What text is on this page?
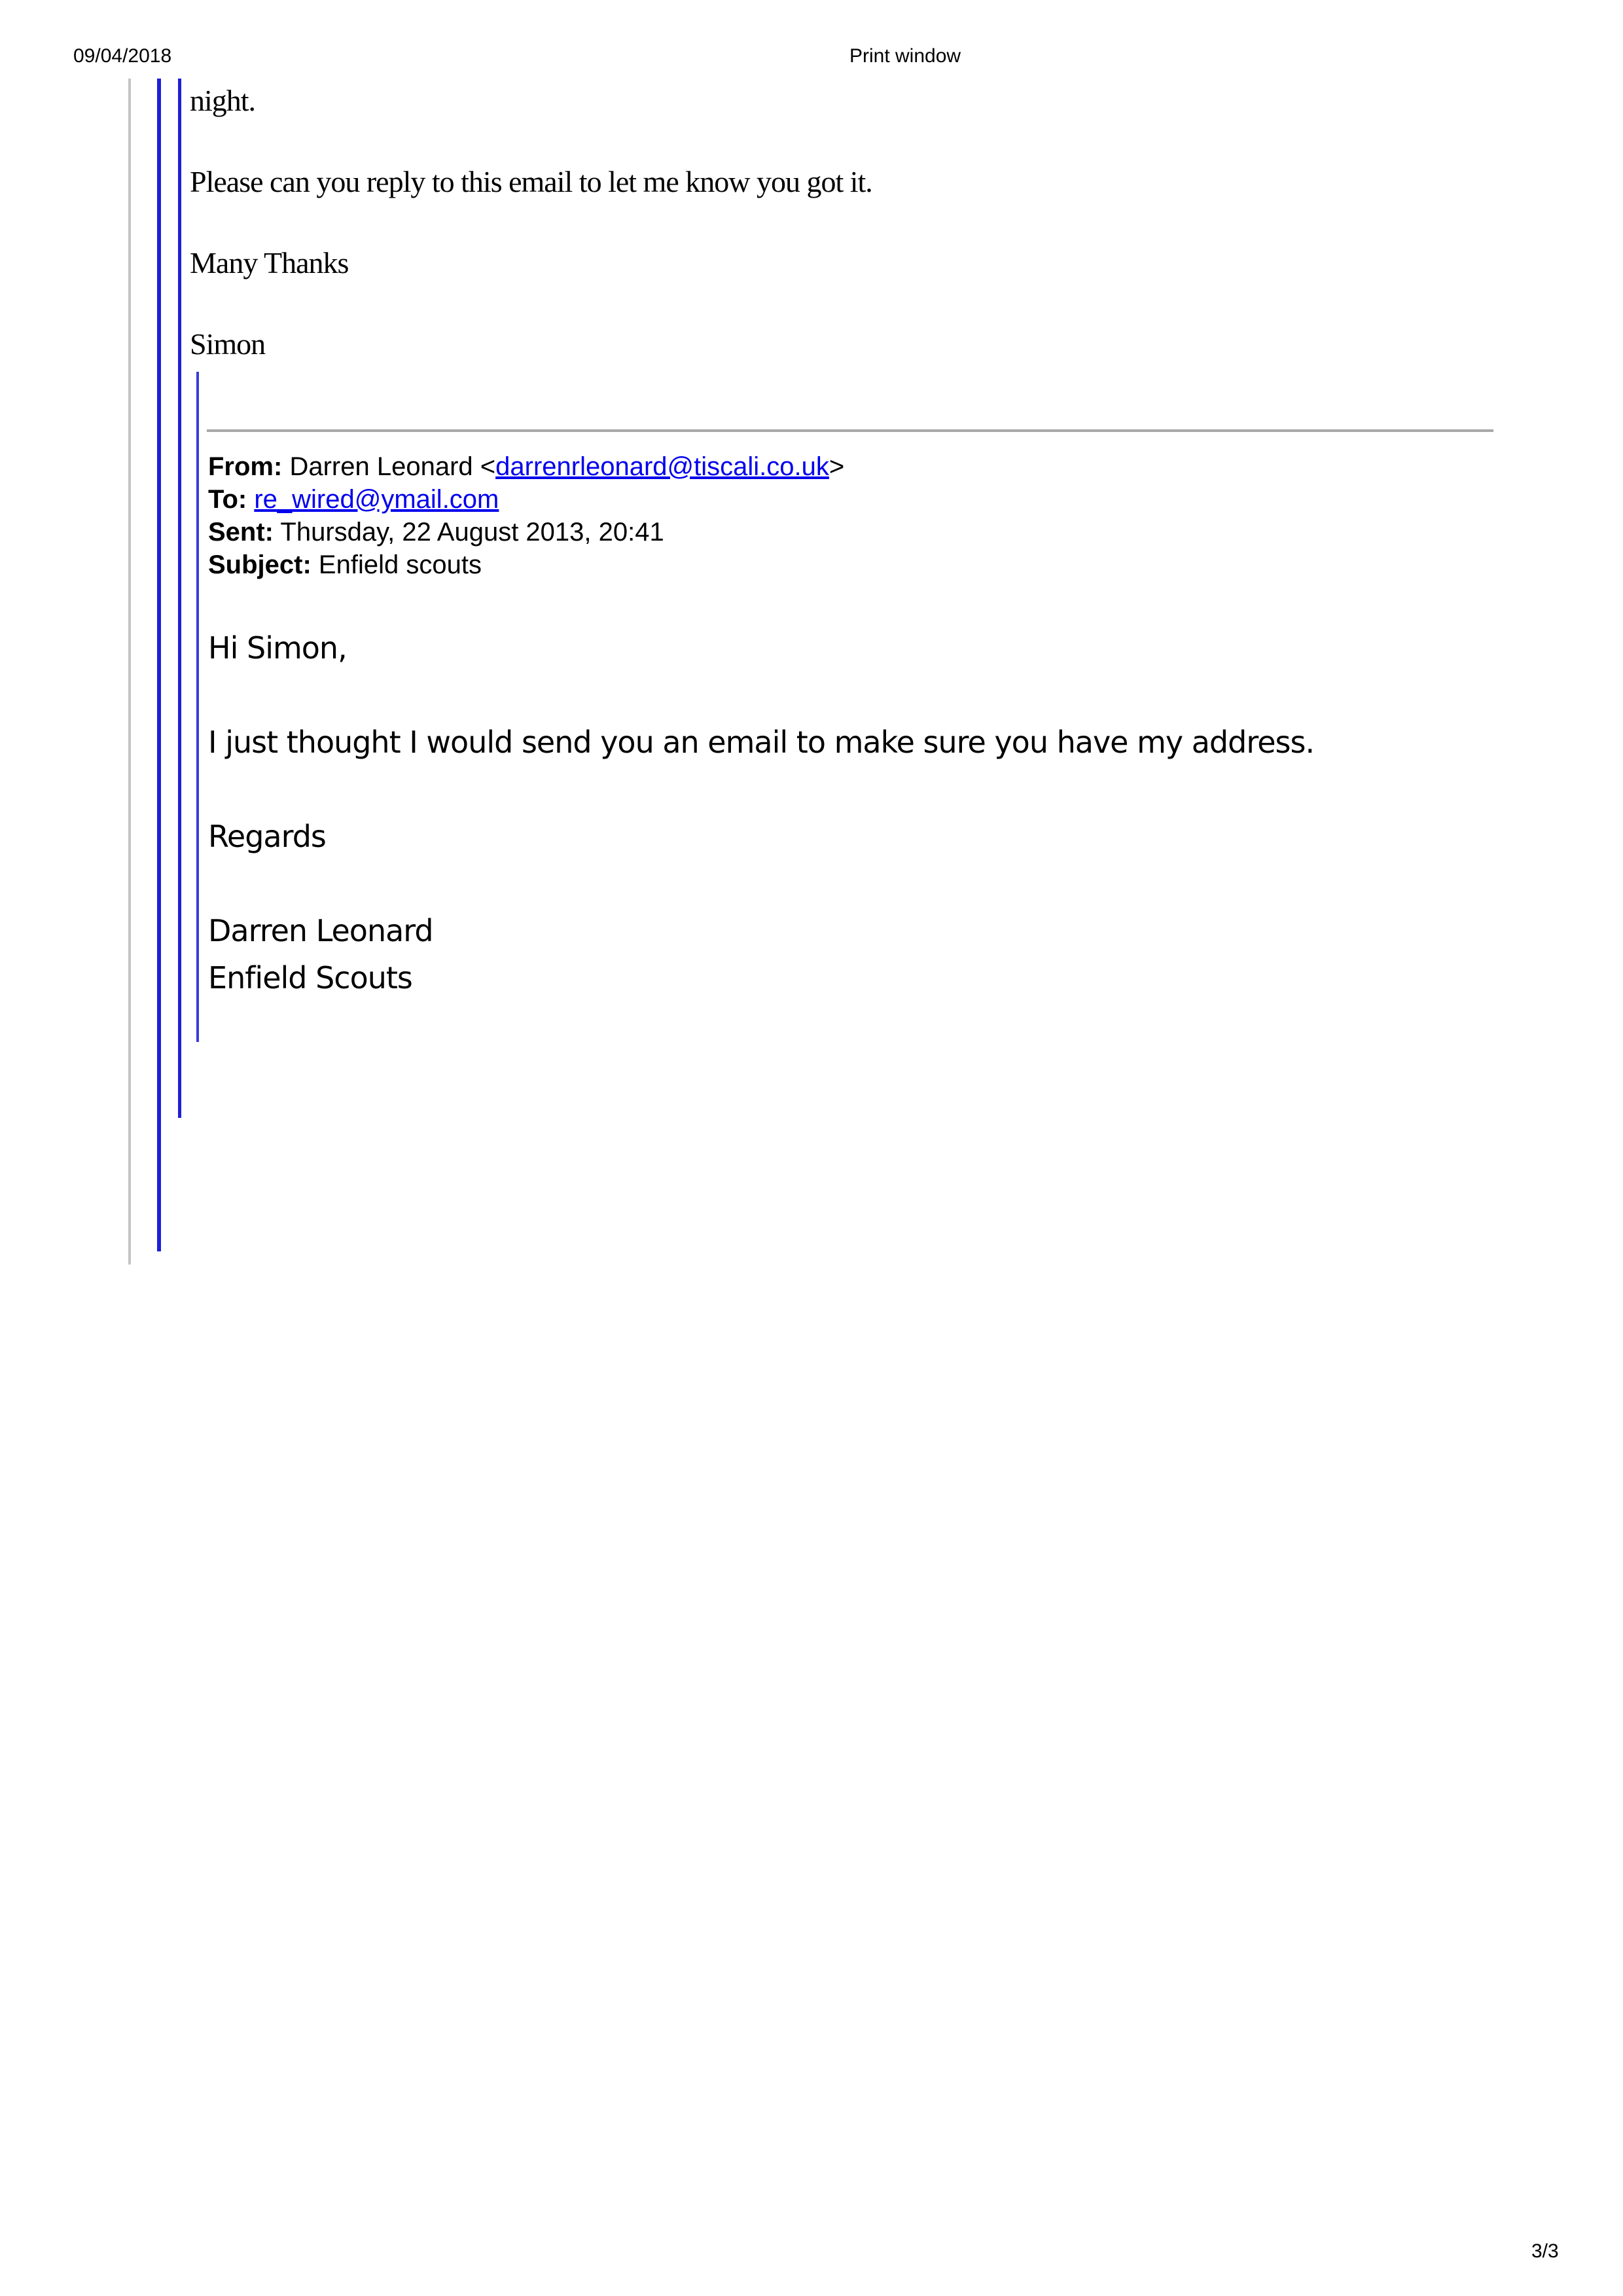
09/04/2018	Print window
night.
Please can you reply to this email to let me know you got it.
Many Thanks
Simon
From: Darren Leonard <darrenrleonard@tiscali.co.uk>
To: re_wired@ymail.com
Sent: Thursday, 22 August 2013, 20:41
Subject: Enfield scouts
Hi Simon,
I just thought I would send you an email to make sure you have my address.
Regards
Darren Leonard
Enfield Scouts
3/3
